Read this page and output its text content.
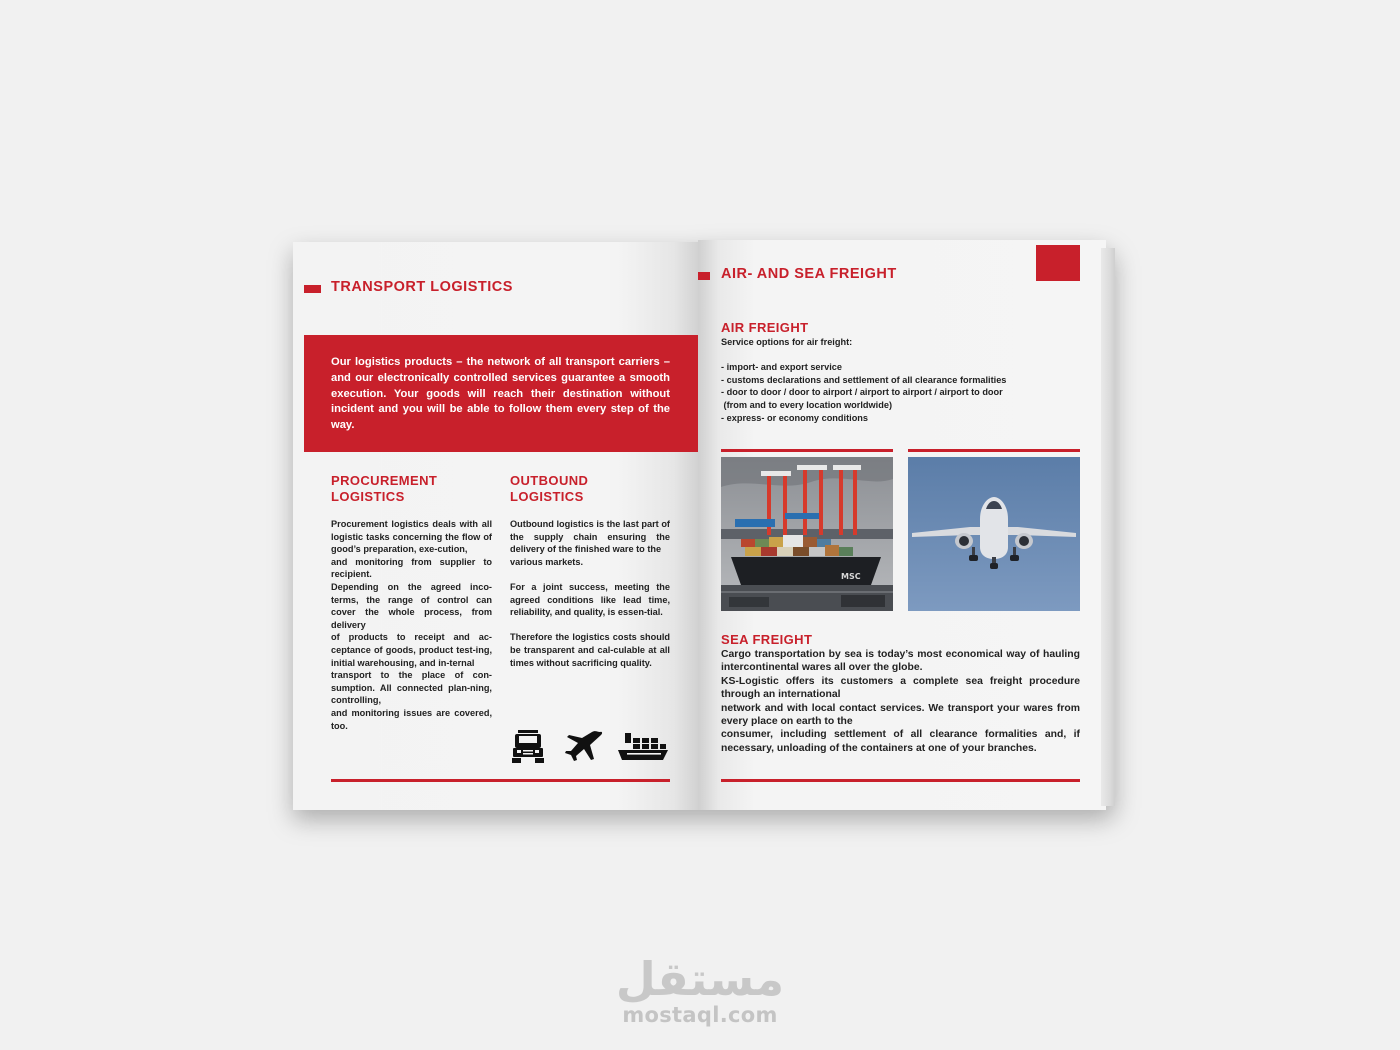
TRANSPORT LOGISTICS
Our logistics products – the network of all transport carriers – and our electronically controlled services guarantee a smooth execution. Your goods will reach their destination without incident and you will be able to follow them every step of the way.
PROCUREMENT
LOGISTICS
Procurement logistics deals with all logistic tasks concerning the flow of good’s preparation, exe-cution,
and monitoring from supplier to recipient.
Depending on the agreed inco-terms, the range of control can cover the whole process, from delivery
of products to receipt and ac-ceptance of goods, product test-ing, initial warehousing, and in-ternal
transport to the place of con-sumption. All connected plan-ning, controlling,
and monitoring issues are covered, too.
OUTBOUND
LOGISTICS
Outbound logistics is the last part of the supply chain ensuring the delivery of the finished ware to the
various markets.
For a joint success, meeting the agreed conditions like lead time, reliability, and quality, is essen-tial.
Therefore the logistics costs should be transparent and cal-culable at all times without sacrificing quality.
AIR- AND SEA FREIGHT
AIR FREIGHT
Service options for air freight:
- import- and export service
- customs declarations and settlement of all clearance formalities
- door to door / door to airport / airport to airport / airport to door
(from and to every location worldwide)
- express- or economy conditions
MSC
SEA FREIGHT
Cargo transportation by sea is today’s most economical way of hauling intercontinental wares all over the globe.
KS-Logistic offers its customers a complete sea freight procedure through an international
network and with local contact services. We transport your wares from every place on earth to the
consumer, including settlement of all clearance formalities and, if necessary, unloading of the containers at one of your branches.
مستقل
mostaql.com
